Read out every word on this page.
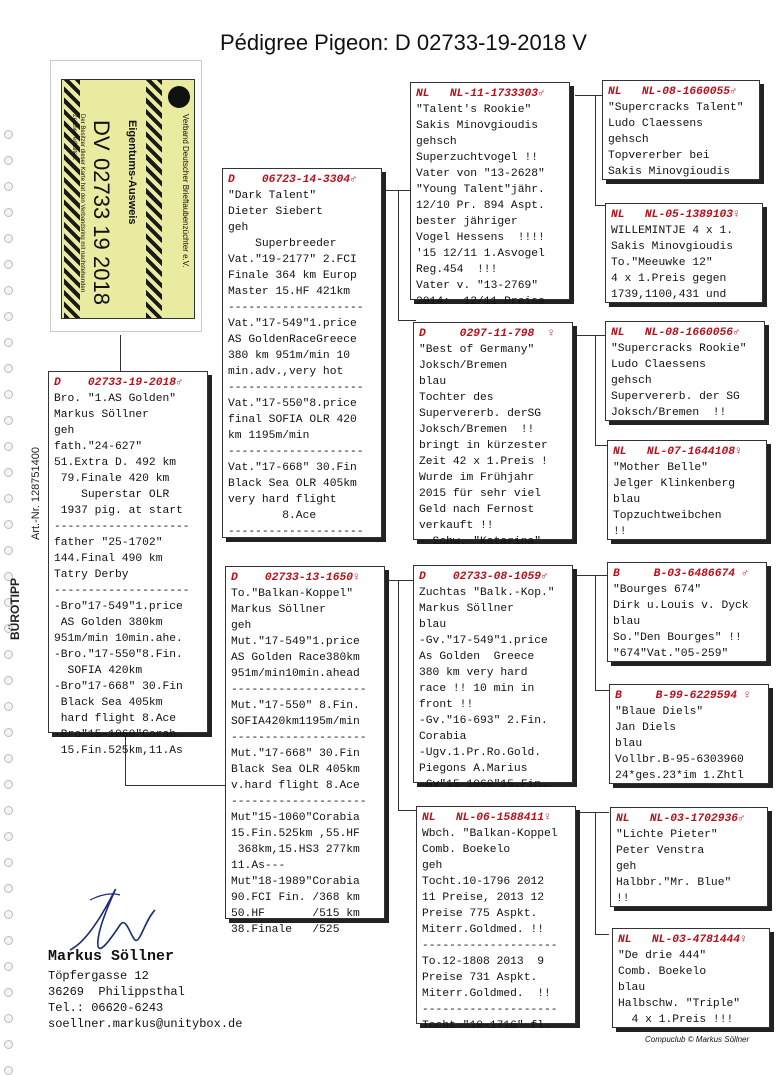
BÜROTIPP
Art.-Nr. 128751400
Pédigree Pigeon: D 02733-19-2018 V
DV
02733 19
2018
Eigentums-Ausweis
Der Besitzer dieser Karte hat den Verbandsring mit nachstehenden Zeichen erhalten:	Verband Deutscher Brieftaubenzüchter e.V.
D    02733-19-2018♂
Bro. "1.AS Golden"
Markus Söllner
geh
fath."24-627"
51.Extra D. 492 km
79.Finale 420 km
Superstar OLR
1937 pig. at start
--------------------
father "25-1702"
144.Final 490 km
Tatry Derby
--------------------
-Bro"17-549"1.price
AS Golden 380km
951m/min 10min.ahe.
-Bro."17-550"8.Fin.
SOFIA 420km
-Bro"17-668" 30.Fin
Black Sea 405km
hard flight 8.Ace
-Bro"15-1060"Corab.
15.Fin.525km,11.As
D    06723-14-3304♂
"Dark Talent"
Dieter Siebert
geh
Superbreeder
Vat."19-2177" 2.FCI
Finale 364 km Europ
Master 15.HF 421km
--------------------
Vat."17-549"1.price
AS GoldenRaceGreece
380 km 951m/min 10
min.adv.,very hot
--------------------
Vat."17-550"8.price
final SOFIA OLR 420
km 1195m/min
--------------------
Vat."17-668" 30.Fin
Black Sea OLR 405km
very hard flight
8.Ace
--------------------
D    02733-13-1650♀
To."Balkan-Koppel"
Markus Söllner
geh
Mut."17-549"1.price
AS Golden Race380km
951m/min10min.ahead
--------------------
Mut."17-550" 8.Fin.
SOFIA420km1195m/min
--------------------
Mut."17-668" 30.Fin
Black Sea OLR 405km
v.hard flight 8.Ace
--------------------
Mut"15-1060"Corabia
15.Fin.525km ,55.HF
368km,15.HS3 277km
11.As---
Mut"18-1989"Corabia
90.FCI Fin. /368 km
50.HF       /515 km
38.Finale   /525
NL   NL-11-1733303♂
"Talent's Rookie"
Sakis Minovgioudis
gehsch
Superzuchtvogel !!
Vater von "13-2628"
"Young Talent"jähr.
12/10 Pr. 894 Aspt.
bester jähriger
Vogel Hessens  !!!!
'15 12/11 1.Asvogel
Reg.454  !!!
Vater v. "13-2769"
2014:  12/11 Preise
D     0297-11-798  ♀
"Best of Germany"
Joksch/Bremen
blau
Tochter des
Supervererb. derSG
Joksch/Bremen  !!
bringt in kürzester
Zeit 42 x 1.Preis !
Wurde im Frühjahr
2015 für sehr viel
Geld nach Fernost
verkauft !!
- Schw. "Katarina"
D    02733-08-1059♂
Zuchtas "Balk.-Kop."
Markus Söllner
blau
-Gv."17-549"1.price
As Golden  Greece
380 km very hard
race !! 10 min in
front !!
-Gv."16-693" 2.Fin.
Corabia
-Ugv.1.Pr.Ro.Gold.
Piegons A.Marius
-Gv"15-1060"15.Fin.
NL   NL-06-1588411♀
Wbch. "Balkan-Koppel
Comb. Boekelo
geh
Tocht.10-1796 2012
11 Preise, 2013 12
Preise 775 Aspkt.
Miterr.Goldmed. !!
--------------------
To.12-1808 2013  9
Preise 731 Aspkt.
Miterr.Goldmed.  !!
--------------------
Tocht."10-1716" fl.
NL   NL-08-1660055♂
"Supercracks Talent"
Ludo Claessens
gehsch
Topvererber bei
Sakis Minovgioudis
NL   NL-05-1389103♀
WILLEMINTJE 4 x 1.
Sakis Minovgioudis
To."Meeuwke 12"
4 x 1.Preis gegen
1739,1100,431 und
NL   NL-08-1660056♂
"Supercracks Rookie"
Ludo Claessens
gehsch
Supervererb. der SG
Joksch/Bremen  !!
NL   NL-07-1644108♀
"Mother Belle"
Jelger Klinkenberg
blau
Topzuchtweibchen
!!
B     B-03-6486674 ♂
"Bourges 674"
Dirk u.Louis v. Dyck
blau
So."Den Bourges" !!
"674"Vat."05-259"
B     B-99-6229594 ♀
"Blaue Diels"
Jan Diels
blau
Vollbr.B-95-6303960
24*ges.23*im 1.Zhtl
NL   NL-03-1702936♂
"Lichte Pieter"
Peter Venstra
geh
Halbbr."Mr. Blue"
!!
NL   NL-03-4781444♀
"De drie 444"
Comb. Boekelo
blau
Halbschw. "Triple"
4 x 1.Preis !!!
Markus Söllner
Töpfergasse 12
36269  Philippsthal
Tel.: 06620-6243
soellner.markus@unitybox.de
Compuclub © Markus Söllner
